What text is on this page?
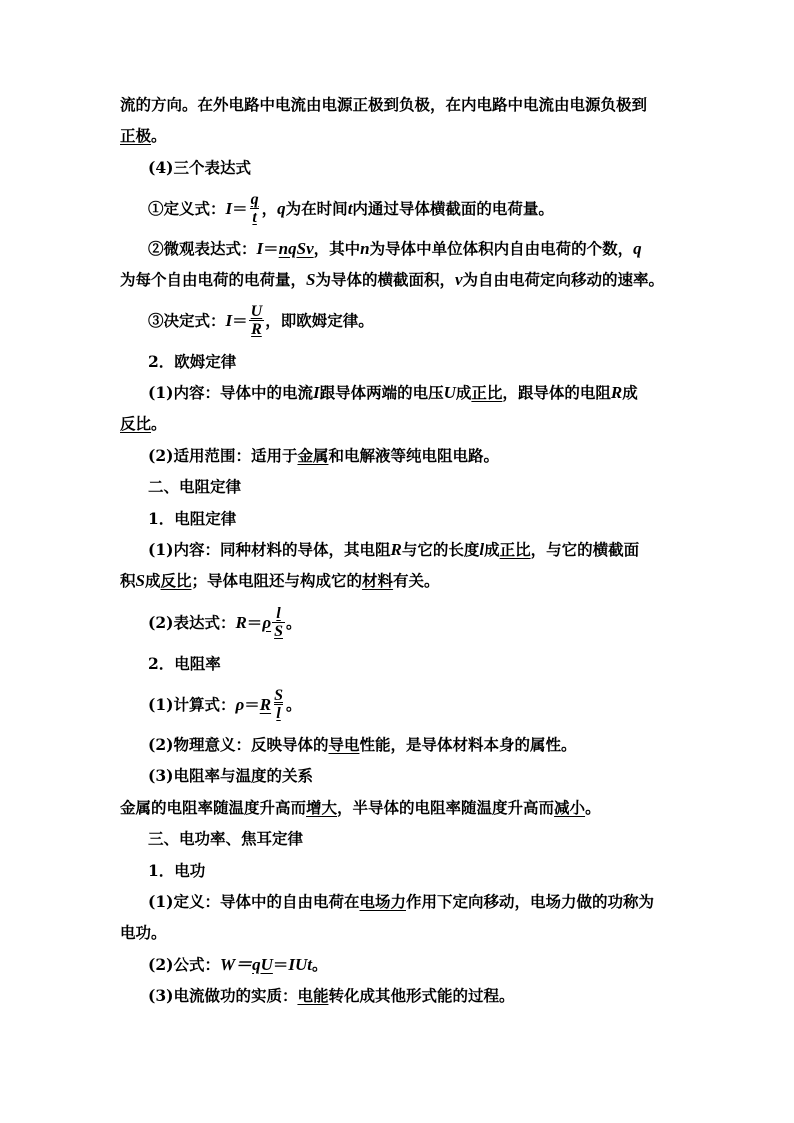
流的方向。在外电路中电流由电源正极到负极，在内电路中电流由电源负极到
正极。
(4)三个表达式
①定义式：$I= \frac{q}{t}$ ，q为在时间t内通过导体横截面的电荷量。
②微观表达式：I＝nqSv，其中n为导体中单位体积内自由电荷的个数，q
为每个自由电荷的电荷量，S为导体的横截面积，v为自由电荷定向移动的速率。
③决定式：$I= \frac{U}{R}$ ，即欧姆定律。
2．欧姆定律
(1)内容：导体中的电流I跟导体两端的电压U成正比，跟导体的电阻R成
反比。
(2)适用范围：适用于金属和电解液等纯电阻电路。
二、电阻定律
1．电阻定律
(1)内容：同种材料的导体，其电阻R与它的长度l成正比，与它的横截面
积S成反比；导体电阻还与构成它的材料有关。
(2)表达式：$R=\rho \frac{l}{S}$ 。
2．电阻率
(1)计算式：$\rho=R \frac{S}{l}$ 。
(2)物理意义：反映导体的导电性能，是导体材料本身的属性。
(3)电阻率与温度的关系
金属的电阻率随温度升高而增大，半导体的电阻率随温度升高而减小。
三、电功率、焦耳定律
1．电功
(1)定义：导体中的自由电荷在电场力作用下定向移动，电场力做的功称为
电功。
(2)公式：W＝qU＝IUt。
(3)电流做功的实质：电能转化成其他形式能的过程。
